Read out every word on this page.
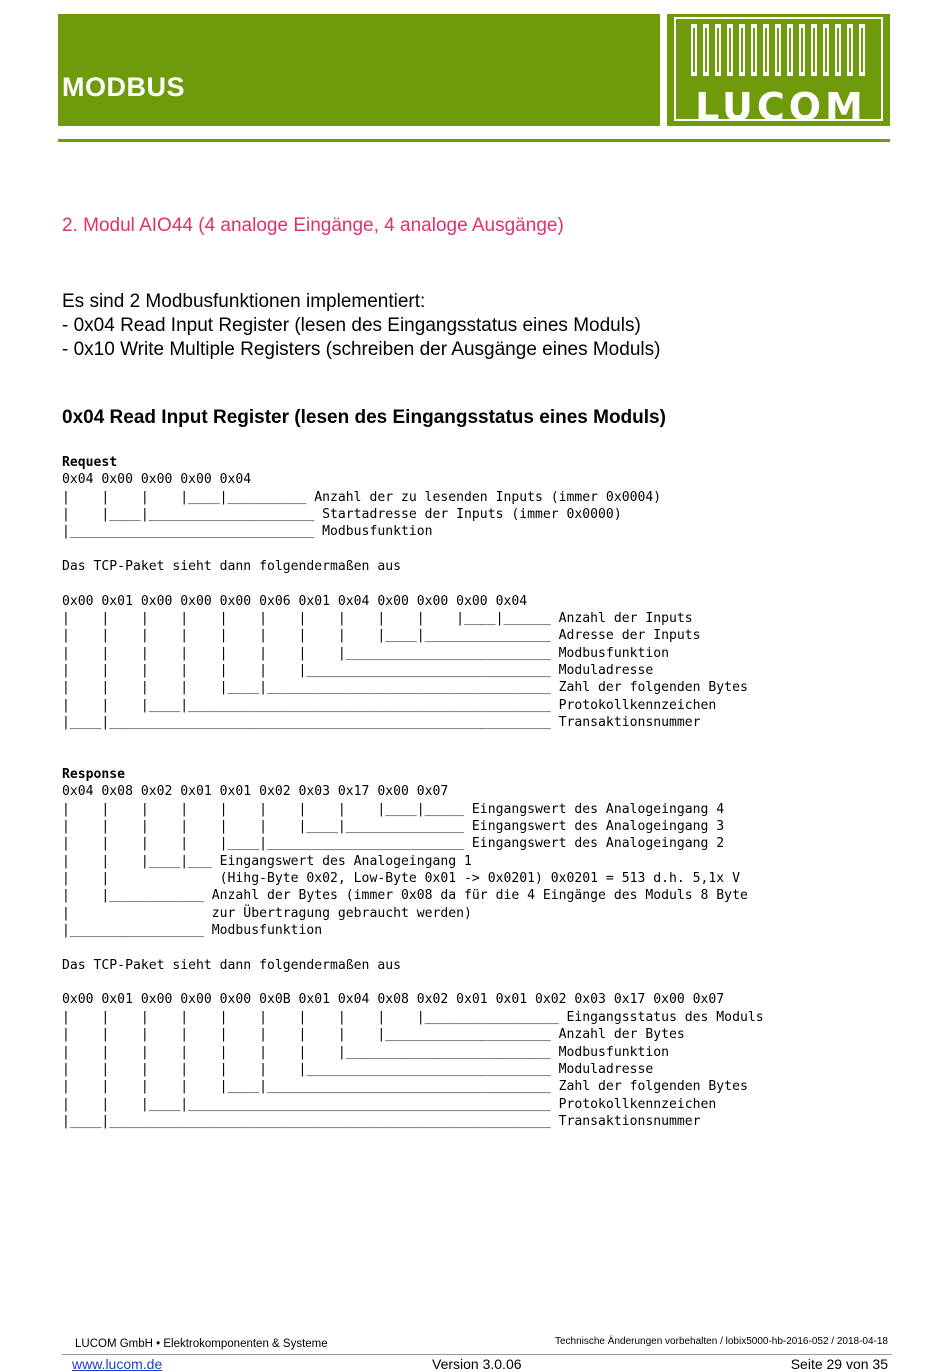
MODBUS	LUCOM
2. Modul AIO44 (4 analoge Eingänge, 4 analoge Ausgänge)
Es sind 2 Modbusfunktionen implementiert:
- 0x04 Read Input Register (lesen des Eingangsstatus eines Moduls)
- 0x10 Write Multiple Registers (schreiben der Ausgänge eines Moduls)
0x04 Read Input Register (lesen des Eingangsstatus eines Moduls)
Request
0x04 0x00 0x00 0x00 0x04
|    |    |    |____|__________ Anzahl der zu lesenden Inputs (immer 0x0004)
|    |____|_____________________ Startadresse der Inputs (immer 0x0000)
|_______________________________ Modbusfunktion

Das TCP-Paket sieht dann folgendermaßen aus

0x00 0x01 0x00 0x00 0x00 0x06 0x01 0x04 0x00 0x00 0x00 0x04
|    |    |    |    |    |    |    |    |    |    |____|______ Anzahl der Inputs
|    |    |    |    |    |    |    |    |____|________________ Adresse der Inputs
|    |    |    |    |    |    |    |__________________________ Modbusfunktion
|    |    |    |    |    |    |_______________________________ Moduladresse
|    |    |    |    |____|____________________________________ Zahl der folgenden Bytes
|    |    |____|______________________________________________ Protokollkennzeichen
|____|________________________________________________________ Transaktionsnummer
Response
0x04 0x08 0x02 0x01 0x01 0x02 0x03 0x17 0x00 0x07
|    |    |    |    |    |    |    |    |____|_____ Eingangswert des Analogeingang 4
|    |    |    |    |    |    |____|_______________ Eingangswert des Analogeingang 3
|    |    |    |    |____|_________________________ Eingangswert des Analogeingang 2
|    |    |____|___ Eingangswert des Analogeingang 1
|    |              (Hihg-Byte 0x02, Low-Byte 0x01 -> 0x0201) 0x0201 = 513 d.h. 5,1x V
|    |____________ Anzahl der Bytes (immer 0x08 da für die 4 Eingänge des Moduls 8 Byte
|                  zur Übertragung gebraucht werden)
|_________________ Modbusfunktion

Das TCP-Paket sieht dann folgendermaßen aus

0x00 0x01 0x00 0x00 0x00 0x0B 0x01 0x04 0x08 0x02 0x01 0x01 0x02 0x03 0x17 0x00 0x07
|    |    |    |    |    |    |    |    |    |_________________ Eingangsstatus des Moduls
|    |    |    |    |    |    |    |    |_____________________ Anzahl der Bytes
|    |    |    |    |    |    |    |__________________________ Modbusfunktion
|    |    |    |    |    |    |_______________________________ Moduladresse
|    |    |    |    |____|____________________________________ Zahl der folgenden Bytes
|    |    |____|______________________________________________ Protokollkennzeichen
|____|________________________________________________________ Transaktionsnummer
LUCOM GmbH • Elektrokomponenten & Systeme	Technische Änderungen vorbehalten / lobix5000-hb-2016-052 / 2018-04-18
www.lucom.de	Version 3.0.06	Seite 29 von 35
